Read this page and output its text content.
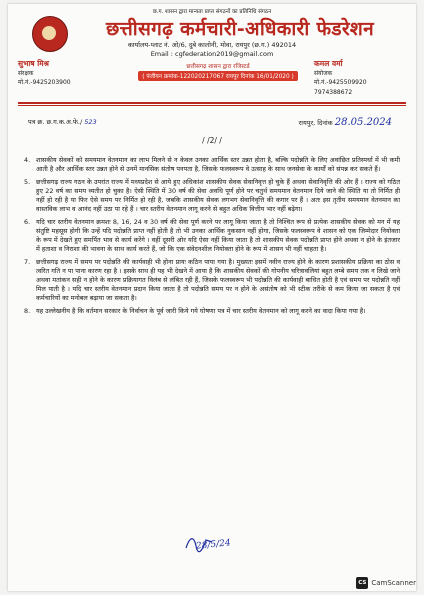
छ.ग. शासन द्वारा मान्यता प्राप्त संगठनों का प्रतिनिधि संगठन
छत्तीसगढ़ कर्मचारी-अधिकारी फेडरेशन
कार्यालय-प्लाट नं. ओ/6, दुबे कालोनी, मोवा, रायपुर (छ.ग.) 492014
Email : cgfederation2019@gmail.com
सुभाष मिश्र
संरक्षक
मो.नं.-9425203900
छत्तीसगढ़ शासन द्वारा रजिस्टर्ड
( पंजीयन क्रमांक-122020217067 रायपुर दिनांक 16/01/2020 )
कमल वर्मा
संयोजक
मो.नं.-9425509920
7974388672
पत्र क्र. छ.ग.क.अ.फे./ 523	रायपुर, दिनांक 28.05.2024
/ /2/ /
4. शासकीय सेवकों को समयमान वेतनमान का लाभ मिलने से न केवल उनका आर्थिक स्तर उन्नत होता है, बल्कि पदोन्नति के लिए अवांछित प्रतिस्पर्धा में भी कमी आती है और आर्थिक स्तर उन्नत होने से उनमें मानसिक संतोष पनपता है, जिसके फलस्वरूप वे उत्साह के साथ जनसेवा के कार्यों को संपन्न कर सकते हैं।
5. छत्तीसगढ़ राज्य गठन के उपरांत राज्य में मध्यप्रदेश से आये हुए अधिकांश शासकीय सेवक सेवानिवृत्त हो चुके हैं अथवा सेवानिवृत्ति की ओर हैं । राज्य को गठित हुए 22 वर्ष का समय व्यतीत हो चुका है। ऐसी स्थिति में 30 वर्ष की सेवा अवधि पूर्ण होने पर चतुर्थ समयमान वेतनमान दिये जाने की स्थिति या तो निर्मित ही नहीं हो रही है या फिर ऐसे समय पर निर्मित हो रही है, जबकि शासकीय सेवक लगभग सेवानिवृत्ति की कगार पर हैं । अतः इस तृतीय समयमान वेतनमान का वास्तविक लाभ व आनंद नहीं उठा पा रहे हैं । चार स्तरीय वेतनमान लागू करने से बहुत अधिक वित्तीय भार नहीं बढ़ेगा।
6. यदि चार स्तरीय वेतनमान क्रमशः 8, 16, 24 व 30 वर्ष की सेवा पूर्ण करने पर लागू किया जाता है तो निश्चित रूप से प्रत्येक शासकीय सेवक को मन में यह संतुष्टि महसूस होगी कि उन्हें यदि पदोन्नति प्राप्त नहीं होती है तो भी उनका आर्थिक नुकसान नहीं होगा, जिसके फलस्वरूप वे शासन को एक जिम्मेदार नियोक्ता के रूप में देखते हुए समर्पित भाव से कार्य करेंगे । वहीं दूसरी ओर यदि ऐसा नहीं किया जाता है तो शासकीय सेवक पदोन्नति प्राप्त होने अथवा न होने के इंतजार में हताशा व निराशा की भावना के साथ कार्य करते हैं, जो कि एक संवेदनशील नियोक्ता होने के रूप में शासन भी नहीं चाहता है।
7. छत्तीसगढ़ राज्य में समय पर पदोन्नति की कार्यवाही भी होना प्रायः कठिन पाया गया है। मुख्यतः इसमें नवीन राज्य होने के कारण प्रशासकीय प्रक्रिया का ठोस व त्वरित गति न पा पाना कारण रहा है । इसके साथ ही यह भी देखने में आया है कि शासकीय सेवकों की गोपनीय चरित्रावलियां बहुत लम्बे समय तक न लिखे जाने अथवा मतांकन सही न होने के कारण प्रक्रियागत विलंब से लंबित रही हैं, जिसके फलस्वरूप भी पदोन्नति की कार्यवाही बाधित होती है एवं समय पर पदोन्नति नहीं मिल पाती है । यदि चार स्तरीय वेतनमान प्रदान किया जाता है तो पदोन्नति समय पर न होने के असंतोष को भी स्टीक तरीके से कम किया जा सकता है एवं कर्मचारियों का मनोबल बढ़ाया जा सकता है।
8. यह उल्लेखनीय है कि वर्तमान सरकार के निर्वाचन के पूर्व जारी किये गये घोषणा पत्र में चार स्तरीय वेतनमान को लागू करने का वादा किया गया है।
28/5/24
CS CamScanner
